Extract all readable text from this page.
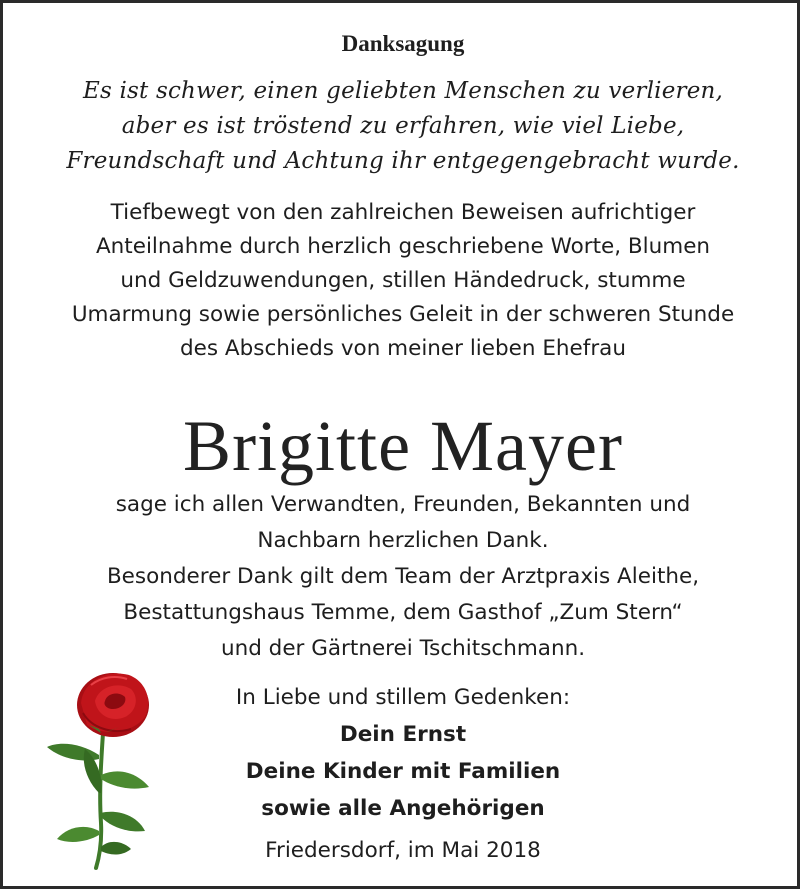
Danksagung
Es ist schwer, einen geliebten Menschen zu verlieren,
aber es ist tröstend zu erfahren, wie viel Liebe,
Freundschaft und Achtung ihr entgegengebracht wurde.
Tiefbewegt von den zahlreichen Beweisen aufrichtiger
Anteilnahme durch herzlich geschriebene Worte, Blumen
und Geldzuwendungen, stillen Händedruck, stumme
Umarmung sowie persönliches Geleit in der schweren Stunde
des Abschieds von meiner lieben Ehefrau
Brigitte Mayer
sage ich allen Verwandten, Freunden, Bekannten und
Nachbarn herzlichen Dank.
Besonderer Dank gilt dem Team der Arztpraxis Aleithe,
Bestattungshaus Temme, dem Gasthof „Zum Stern“
und der Gärtnerei Tschitschmann.
In Liebe und stillem Gedenken:
Dein Ernst
Deine Kinder mit Familien
sowie alle Angehörigen
Friedersdorf, im Mai 2018
